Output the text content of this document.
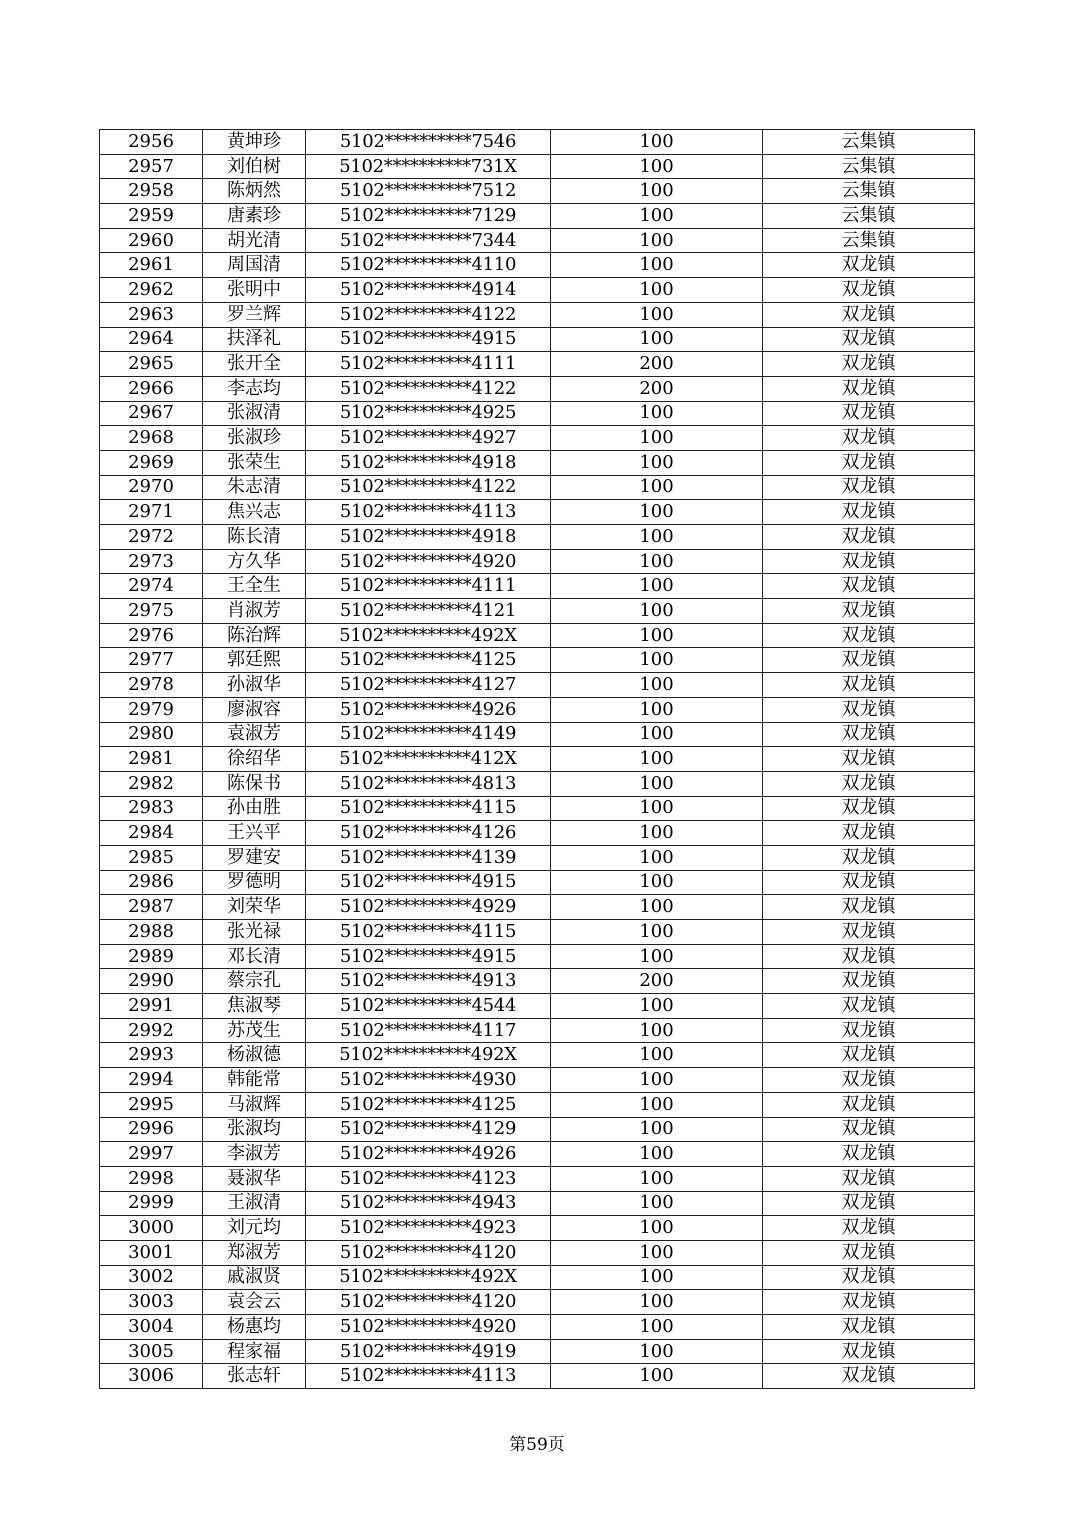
2956	黄坤珍	5102**********7546	100	云集镇
2957	刘伯树	5102**********731X	100	云集镇
2958	陈炳然	5102**********7512	100	云集镇
2959	唐素珍	5102**********7129	100	云集镇
2960	胡光清	5102**********7344	100	云集镇
2961	周国清	5102**********4110	100	双龙镇
2962	张明中	5102**********4914	100	双龙镇
2963	罗兰辉	5102**********4122	100	双龙镇
2964	扶泽礼	5102**********4915	100	双龙镇
2965	张开全	5102**********4111	200	双龙镇
2966	李志均	5102**********4122	200	双龙镇
2967	张淑清	5102**********4925	100	双龙镇
2968	张淑珍	5102**********4927	100	双龙镇
2969	张荣生	5102**********4918	100	双龙镇
2970	朱志清	5102**********4122	100	双龙镇
2971	焦兴志	5102**********4113	100	双龙镇
2972	陈长清	5102**********4918	100	双龙镇
2973	方久华	5102**********4920	100	双龙镇
2974	王全生	5102**********4111	100	双龙镇
2975	肖淑芳	5102**********4121	100	双龙镇
2976	陈治辉	5102**********492X	100	双龙镇
2977	郭廷熙	5102**********4125	100	双龙镇
2978	孙淑华	5102**********4127	100	双龙镇
2979	廖淑容	5102**********4926	100	双龙镇
2980	袁淑芳	5102**********4149	100	双龙镇
2981	徐绍华	5102**********412X	100	双龙镇
2982	陈保书	5102**********4813	100	双龙镇
2983	孙由胜	5102**********4115	100	双龙镇
2984	王兴平	5102**********4126	100	双龙镇
2985	罗建安	5102**********4139	100	双龙镇
2986	罗德明	5102**********4915	100	双龙镇
2987	刘荣华	5102**********4929	100	双龙镇
2988	张光禄	5102**********4115	100	双龙镇
2989	邓长清	5102**********4915	100	双龙镇
2990	蔡宗孔	5102**********4913	200	双龙镇
2991	焦淑琴	5102**********4544	100	双龙镇
2992	苏茂生	5102**********4117	100	双龙镇
2993	杨淑德	5102**********492X	100	双龙镇
2994	韩能常	5102**********4930	100	双龙镇
2995	马淑辉	5102**********4125	100	双龙镇
2996	张淑均	5102**********4129	100	双龙镇
2997	李淑芳	5102**********4926	100	双龙镇
2998	聂淑华	5102**********4123	100	双龙镇
2999	王淑清	5102**********4943	100	双龙镇
3000	刘元均	5102**********4923	100	双龙镇
3001	郑淑芳	5102**********4120	100	双龙镇
3002	戚淑贤	5102**********492X	100	双龙镇
3003	袁会云	5102**********4120	100	双龙镇
3004	杨惠均	5102**********4920	100	双龙镇
3005	程家福	5102**********4919	100	双龙镇
3006	张志轩	5102**********4113	100	双龙镇
第59页
